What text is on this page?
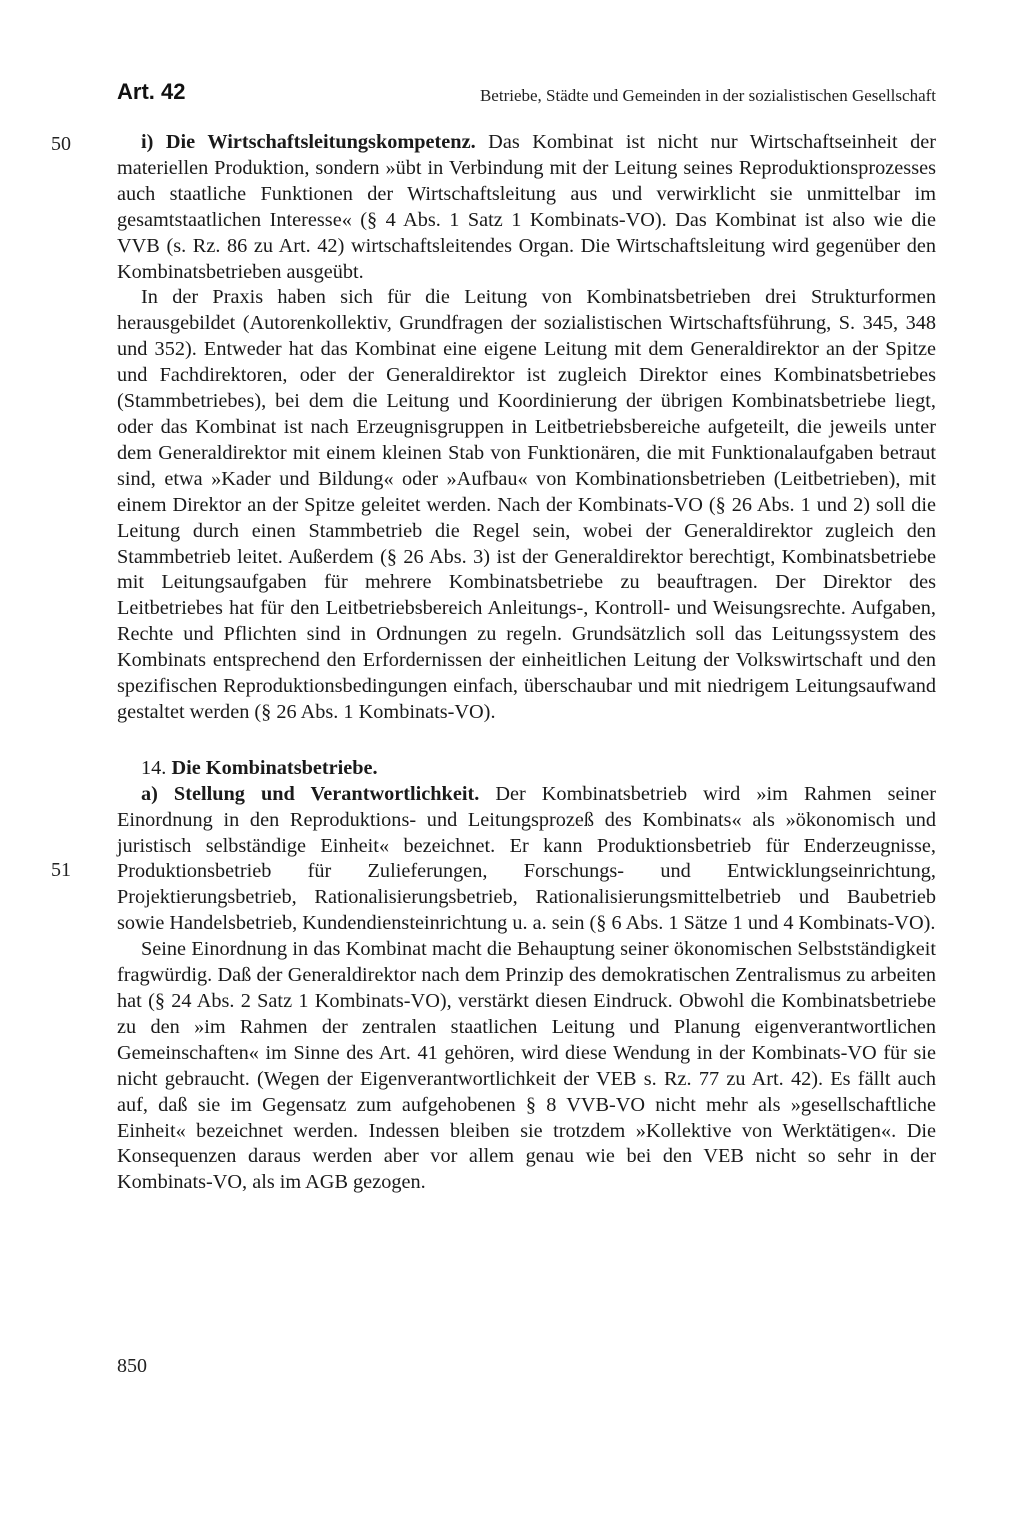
Art. 42	Betriebe, Städte und Gemeinden in der sozialistischen Gesellschaft
50
51

i) Die Wirtschaftsleitungskompetenz. Das Kombinat ist nicht nur Wirtschaftseinheit der materiellen Produktion, sondern »übt in Verbindung mit der Leitung seines Reproduktionsprozesses auch staatliche Funktionen der Wirtschaftsleitung aus und verwirklicht sie unmittelbar im gesamtstaatlichen Interesse« (§ 4 Abs. 1 Satz 1 Kombinats-VO). Das Kombinat ist also wie die VVB (s. Rz. 86 zu Art. 42) wirtschaftsleitendes Organ. Die Wirtschaftsleitung wird gegenüber den Kombinatsbetrieben ausgeübt.

In der Praxis haben sich für die Leitung von Kombinatsbetrieben drei Strukturformen herausgebildet (Autorenkollektiv, Grundfragen der sozialistischen Wirtschaftsführung, S. 345, 348 und 352). Entweder hat das Kombinat eine eigene Leitung mit dem Generaldirektor an der Spitze und Fachdirektoren, oder der Generaldirektor ist zugleich Direktor eines Kombinatsbetriebes (Stammbetriebes), bei dem die Leitung und Koordinierung der übrigen Kombinatsbetriebe liegt, oder das Kombinat ist nach Erzeugnisgruppen in Leitbetriebsbereiche aufgeteilt, die jeweils unter dem Generaldirektor mit einem kleinen Stab von Funktionären, die mit Funktionalaufgaben betraut sind, etwa »Kader und Bildung« oder »Aufbau« von Kombinationsbetrieben (Leitbetrieben), mit einem Direktor an der Spitze geleitet werden. Nach der Kombinats-VO (§ 26 Abs. 1 und 2) soll die Leitung durch einen Stammbetrieb die Regel sein, wobei der Generaldirektor zugleich den Stammbetrieb leitet. Außerdem (§ 26 Abs. 3) ist der Generaldirektor berechtigt, Kombinatsbetriebe mit Leitungsaufgaben für mehrere Kombinatsbetriebe zu beauftragen. Der Direktor des Leitbetriebes hat für den Leitbetriebsbereich Anleitungs-, Kontroll- und Weisungsrechte. Aufgaben, Rechte und Pflichten sind in Ordnungen zu regeln. Grundsätzlich soll das Leitungssystem des Kombinats entsprechend den Erfordernissen der einheitlichen Leitung der Volkswirtschaft und den spezifischen Reproduktionsbedingungen einfach, überschaubar und mit niedrigem Leitungsaufwand gestaltet werden (§ 26 Abs. 1 Kombinats-VO).

14. Die Kombinatsbetriebe.

a) Stellung und Verantwortlichkeit. Der Kombinatsbetrieb wird »im Rahmen seiner Einordnung in den Reproduktions- und Leitungsprozeß des Kombinats« als »ökonomisch und juristisch selbständige Einheit« bezeichnet. Er kann Produktionsbetrieb für Enderzeugnisse, Produktionsbetrieb für Zulieferungen, Forschungs- und Entwicklungseinrichtung, Projektierungsbetrieb, Rationalisierungsbetrieb, Rationalisierungsmittelbetrieb und Baubetrieb sowie Handelsbetrieb, Kundendiensteinrichtung u. a. sein (§ 6 Abs. 1 Sätze 1 und 4 Kombinats-VO).

Seine Einordnung in das Kombinat macht die Behauptung seiner ökonomischen Selbstständigkeit fragwürdig. Daß der Generaldirektor nach dem Prinzip des demokratischen Zentralismus zu arbeiten hat (§ 24 Abs. 2 Satz 1 Kombinats-VO), verstärkt diesen Eindruck. Obwohl die Kombinatsbetriebe zu den »im Rahmen der zentralen staatlichen Leitung und Planung eigenverantwortlichen Gemeinschaften« im Sinne des Art. 41 gehören, wird diese Wendung in der Kombinats-VO für sie nicht gebraucht. (Wegen der Eigenverantwortlichkeit der VEB s. Rz. 77 zu Art. 42). Es fällt auch auf, daß sie im Gegensatz zum aufgehobenen § 8 VVB-VO nicht mehr als »gesellschaftliche Einheit« bezeichnet werden. Indessen bleiben sie trotzdem »Kollektive von Werktätigen«. Die Konsequenzen daraus werden aber vor allem genau wie bei den VEB nicht so sehr in der Kombinats-VO, als im AGB gezogen.

850
